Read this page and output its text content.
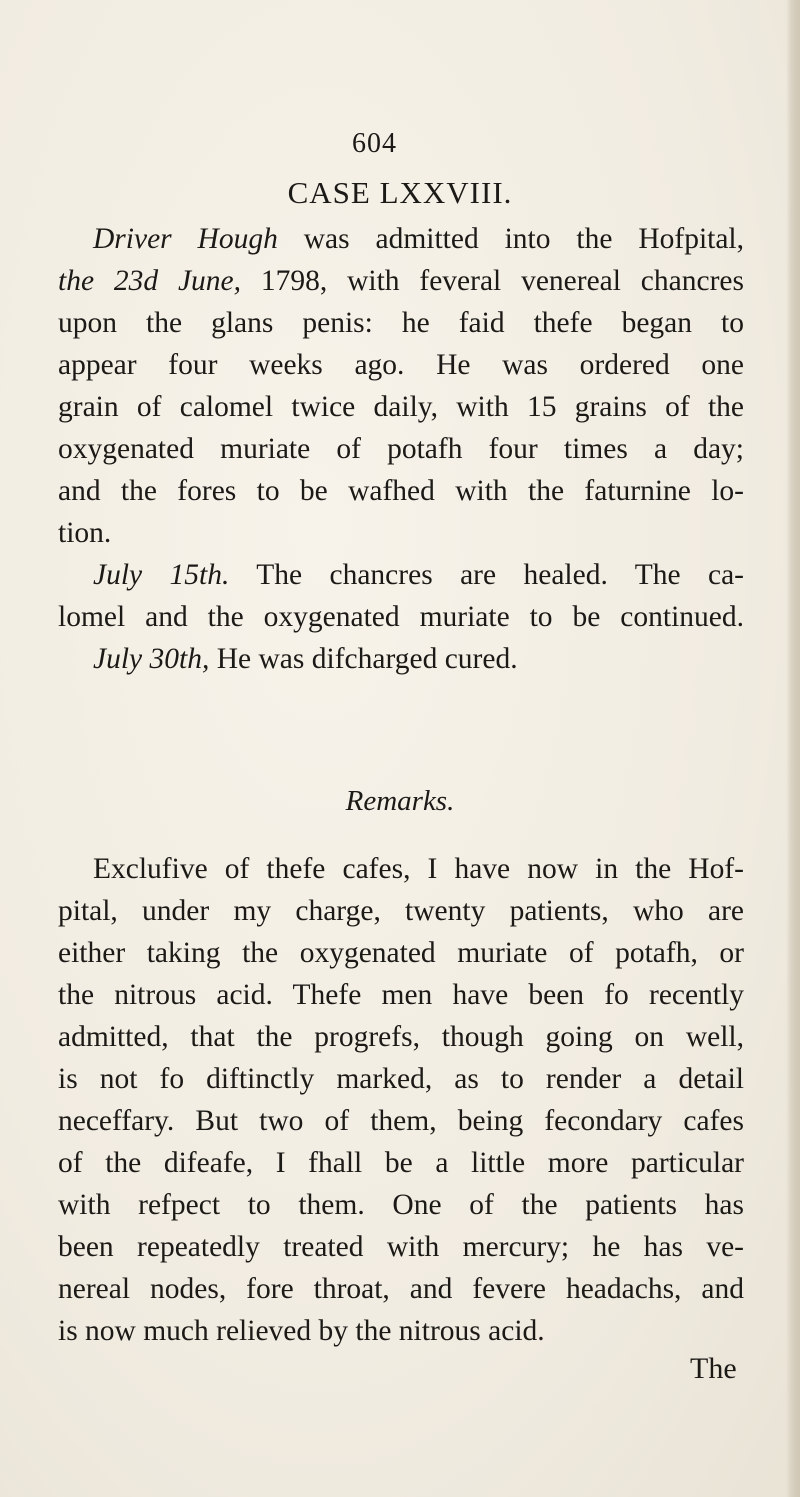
604
CASE LXXVIII.
Driver Hough was admitted into the Hofpital,
the 23d June, 1798, with feveral venereal chancres
upon the glans penis: he faid thefe began to
appear four weeks ago. He was ordered one
grain of calomel twice daily, with 15 grains of the
oxygenated muriate of potafh four times a day;
and the fores to be wafhed with the faturnine lo-
tion.
July 15th. The chancres are healed. The ca-
lomel and the oxygenated muriate to be continued.
July 30th, He was difcharged cured.
Remarks.
Exclufive of thefe cafes, I have now in the Hof-
pital, under my charge, twenty patients, who are
either taking the oxygenated muriate of potafh, or
the nitrous acid. Thefe men have been fo recently
admitted, that the progrefs, though going on well,
is not fo diftinctly marked, as to render a detail
neceffary. But two of them, being fecondary cafes
of the difeafe, I fhall be a little more particular
with refpect to them. One of the patients has
been repeatedly treated with mercury; he has ve-
nereal nodes, fore throat, and fevere headachs, and
is now much relieved by the nitrous acid.
The
